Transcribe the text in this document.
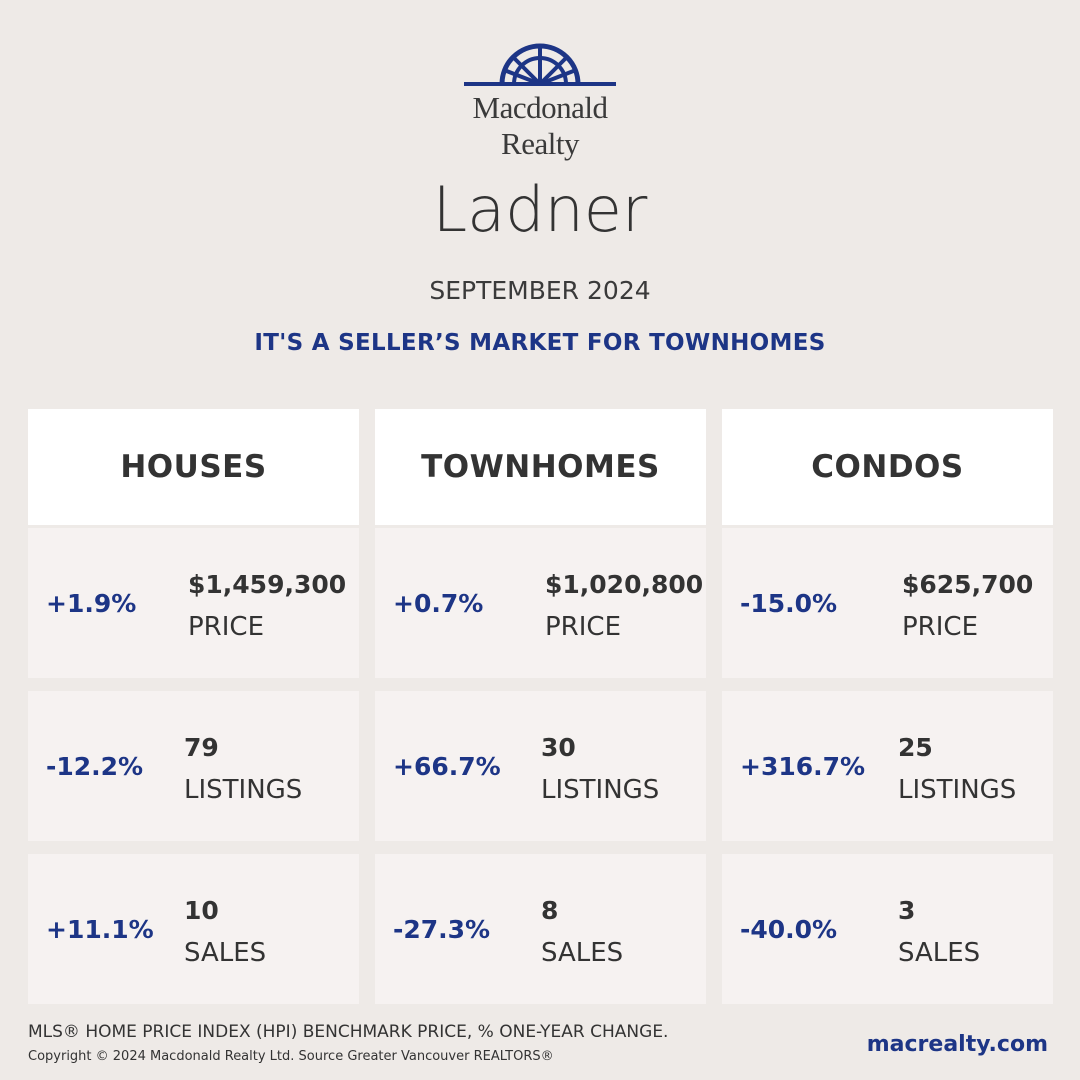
Macdonald
Realty
Ladner
SEPTEMBER 2024
IT'S A SELLER’S MARKET FOR TOWNHOMES
HOUSES
+1.9%
$1,459,300
PRICE
-12.2%
79
LISTINGS
+11.1%
10
SALES
TOWNHOMES
+0.7%
$1,020,800
PRICE
+66.7%
30
LISTINGS
-27.3%
8
SALES
CONDOS
-15.0%
$625,700
PRICE
+316.7%
25
LISTINGS
-40.0%
3
SALES
MLS® HOME PRICE INDEX (HPI) BENCHMARK PRICE, % ONE-YEAR CHANGE.
Copyright © 2024 Macdonald Realty Ltd. Source Greater Vancouver REALTORS®	macrealty.com
